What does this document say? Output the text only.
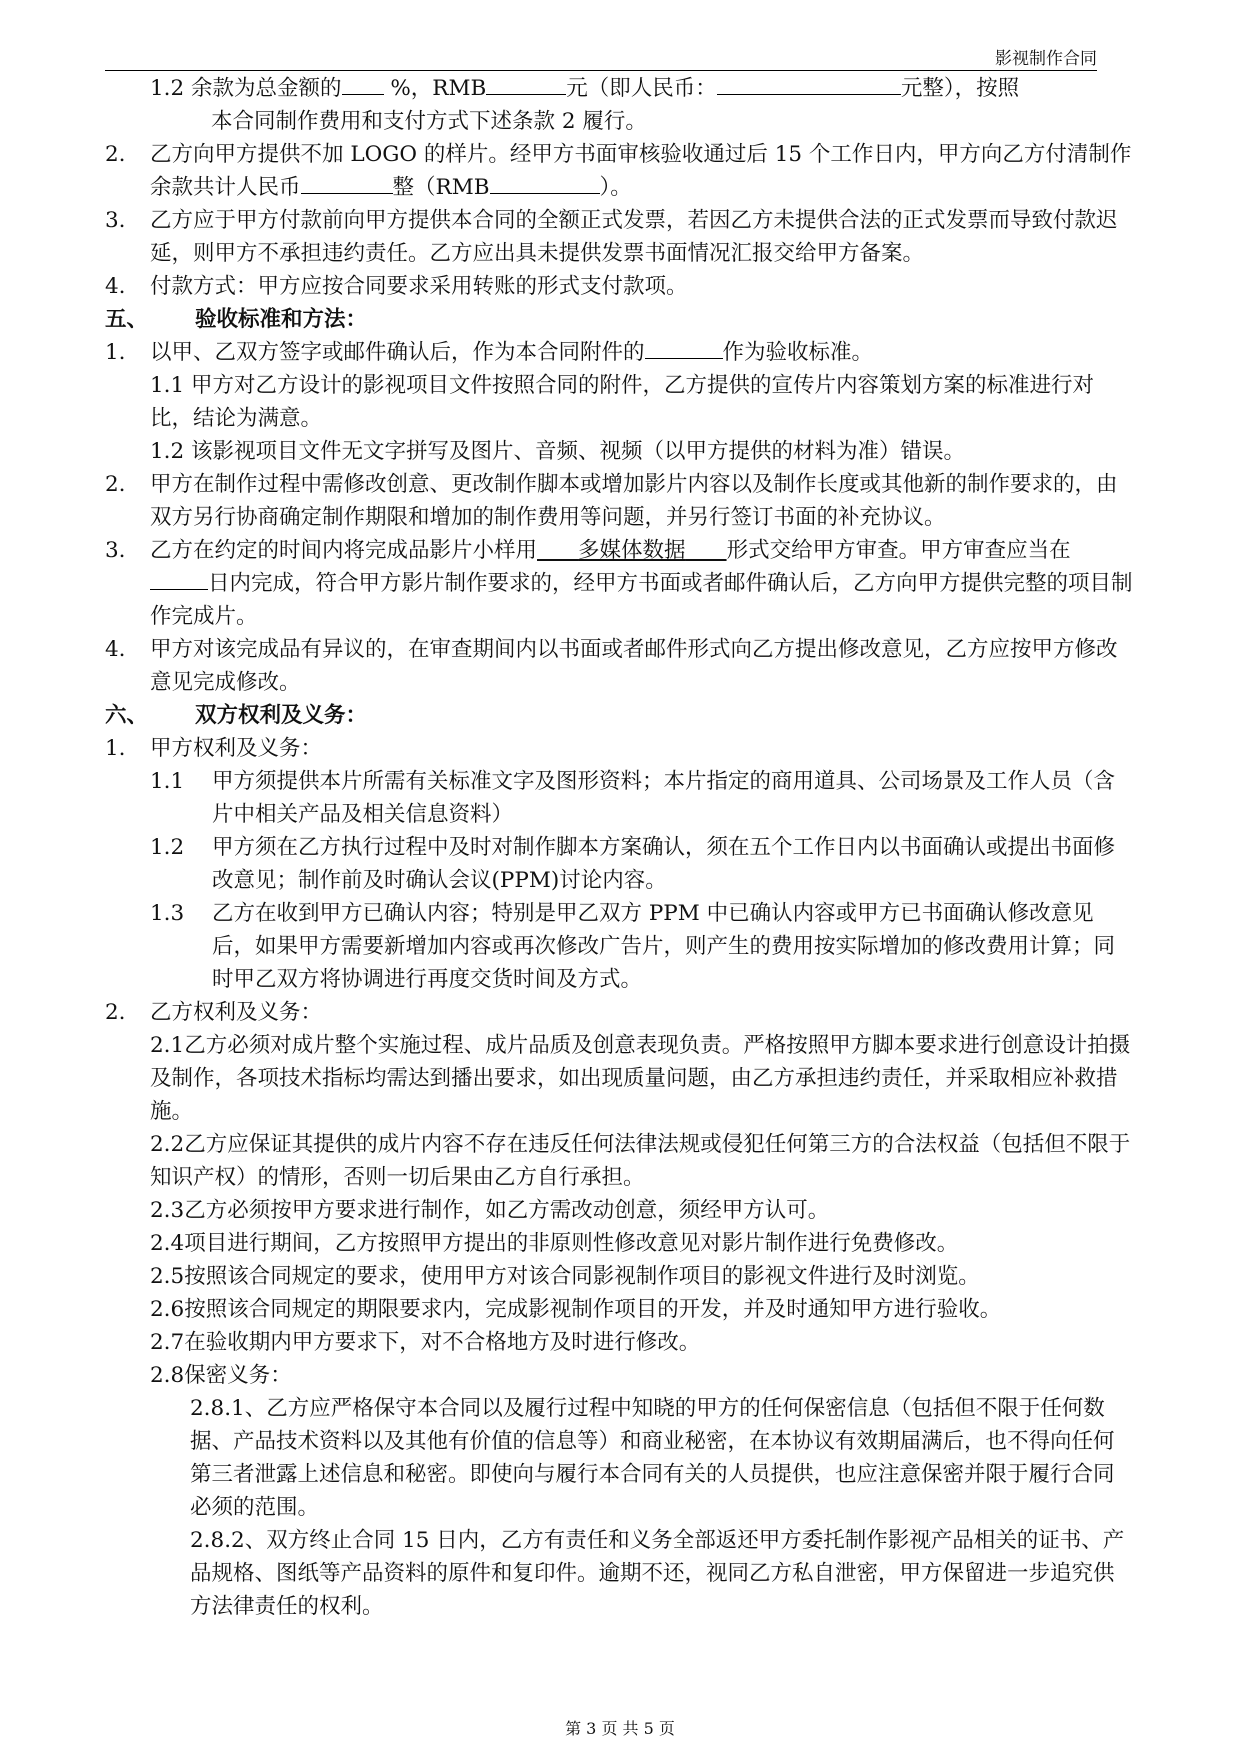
影视制作合同

1.2 余款为总金额的 %，RMB	元（即人民币：	元整），按照
本合同制作费用和支付方式下述条款 2 履行。

2. 乙方向甲方提供不加 LOGO 的样片。经甲方书面审核验收通过后 15 个工作日内，甲方向乙方付清制作余款共计人民币	整（RMB	）。

3. 乙方应于甲方付款前向甲方提供本合同的全额正式发票，若因乙方未提供合法的正式发票而导致付款迟延，则甲方不承担违约责任。乙方应出具未提供发票书面情况汇报交给甲方备案。

4. 付款方式：甲方应按合同要求采用转账的形式支付款项。

五、 验收标准和方法：

1. 以甲、乙双方签字或邮件确认后，作为本合同附件的	作为验收标准。

1.1 甲方对乙方设计的影视项目文件按照合同的附件，乙方提供的宣传片内容策划方案的标准进行对比，结论为满意。

1.2 该影视项目文件无文字拼写及图片、音频、视频（以甲方提供的材料为准）错误。

2. 甲方在制作过程中需修改创意、更改制作脚本或增加影片内容以及制作长度或其他新的制作要求的，由双方另行协商确定制作期限和增加的制作费用等问题，并另行签订书面的补充协议。

3. 乙方在约定的时间内将完成品影片小样用 多媒体数据 形式交给甲方审查。甲方审查应当在 日内完成，符合甲方影片制作要求的，经甲方书面或者邮件确认后，乙方向甲方提供完整的项目制作完成片。

4. 甲方对该完成品有异议的，在审查期间内以书面或者邮件形式向乙方提出修改意见，乙方应按甲方修改意见完成修改。

六、 双方权利及义务：

1. 甲方权利及义务：

1.1 甲方须提供本片所需有关标准文字及图形资料；本片指定的商用道具、公司场景及工作人员（含片中相关产品及相关信息资料）

1.2 甲方须在乙方执行过程中及时对制作脚本方案确认，须在五个工作日内以书面确认或提出书面修改意见；制作前及时确认会议(PPM)讨论内容。

1.3 乙方在收到甲方已确认内容；特别是甲乙双方 PPM 中已确认内容或甲方已书面确认修改意见后，如果甲方需要新增加内容或再次修改广告片，则产生的费用按实际增加的修改费用计算；同时甲乙双方将协调进行再度交货时间及方式。

2. 乙方权利及义务：

2.1乙方必须对成片整个实施过程、成片品质及创意表现负责。严格按照甲方脚本要求进行创意设计拍摄及制作，各项技术指标均需达到播出要求，如出现质量问题，由乙方承担违约责任，并采取相应补救措施。

2.2乙方应保证其提供的成片内容不存在违反任何法律法规或侵犯任何第三方的合法权益（包括但不限于知识产权）的情形，否则一切后果由乙方自行承担。

2.3乙方必须按甲方要求进行制作，如乙方需改动创意，须经甲方认可。

2.4项目进行期间，乙方按照甲方提出的非原则性修改意见对影片制作进行免费修改。

2.5按照该合同规定的要求，使用甲方对该合同影视制作项目的影视文件进行及时浏览。

2.6按照该合同规定的期限要求内，完成影视制作项目的开发，并及时通知甲方进行验收。

2.7在验收期内甲方要求下，对不合格地方及时进行修改。

2.8保密义务：

2.8.1、乙方应严格保守本合同以及履行过程中知晓的甲方的任何保密信息（包括但不限于任何数据、产品技术资料以及其他有价值的信息等）和商业秘密，在本协议有效期届满后，也不得向任何第三者泄露上述信息和秘密。即使向与履行本合同有关的人员提供，也应注意保密并限于履行合同必须的范围。

2.8.2、双方终止合同 15 日内，乙方有责任和义务全部返还甲方委托制作影视产品相关的证书、产品规格、图纸等产品资料的原件和复印件。逾期不还，视同乙方私自泄密，甲方保留进一步追究供方法律责任的权利。

第 3 页 共 5 页
